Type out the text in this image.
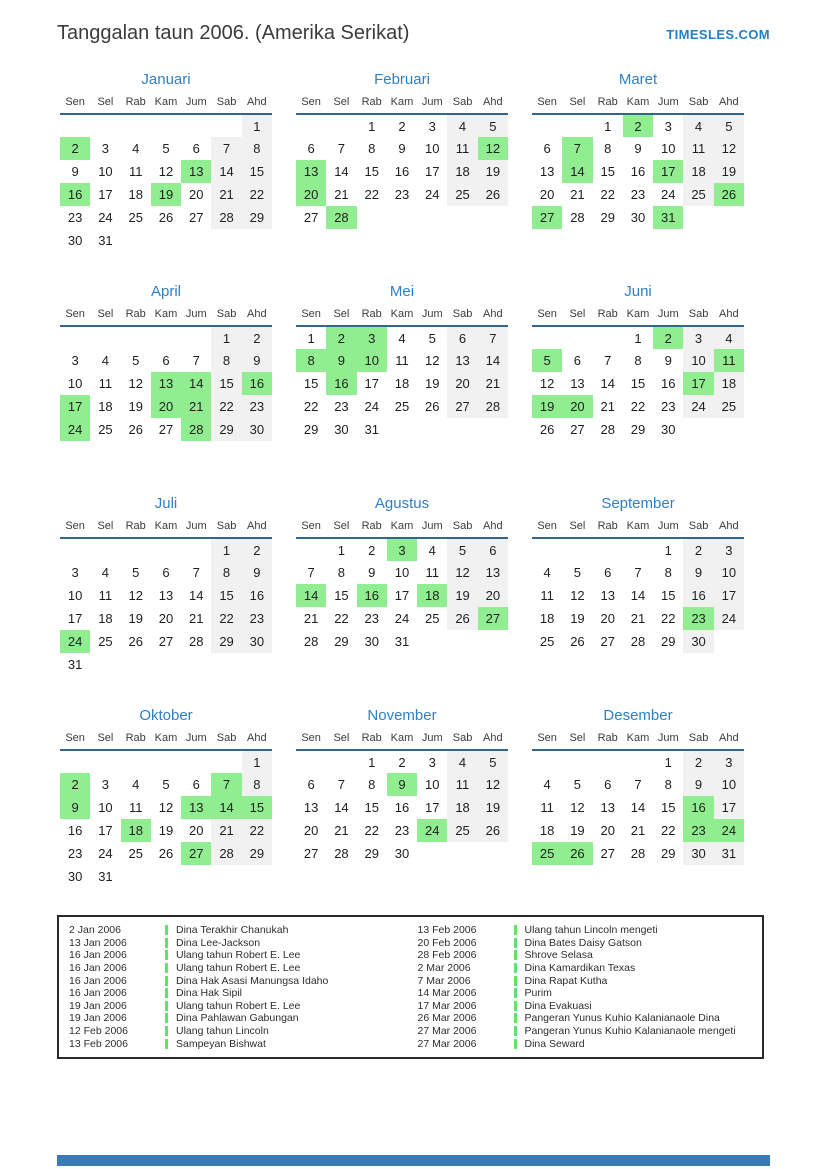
Tanggalan taun 2006. (Amerika Serikat)	TIMESLES.COM
Januari
Sen	Sel	Rab	Kam	Jum	Sab	Ahd
						1
2	3	4	5	6	7	8
9	10	11	12	13	14	15
16	17	18	19	20	21	22
23	24	25	26	27	28	29
30	31					
Februari
Sen	Sel	Rab	Kam	Jum	Sab	Ahd
		1	2	3	4	5
6	7	8	9	10	11	12
13	14	15	16	17	18	19
20	21	22	23	24	25	26
27	28					
Maret
Sen	Sel	Rab	Kam	Jum	Sab	Ahd
		1	2	3	4	5
6	7	8	9	10	11	12
13	14	15	16	17	18	19
20	21	22	23	24	25	26
27	28	29	30	31		
April
Sen	Sel	Rab	Kam	Jum	Sab	Ahd
					1	2
3	4	5	6	7	8	9
10	11	12	13	14	15	16
17	18	19	20	21	22	23
24	25	26	27	28	29	30
Mei
Sen	Sel	Rab	Kam	Jum	Sab	Ahd
1	2	3	4	5	6	7
8	9	10	11	12	13	14
15	16	17	18	19	20	21
22	23	24	25	26	27	28
29	30	31				
Juni
Sen	Sel	Rab	Kam	Jum	Sab	Ahd
			1	2	3	4
5	6	7	8	9	10	11
12	13	14	15	16	17	18
19	20	21	22	23	24	25
26	27	28	29	30		
Juli
Sen	Sel	Rab	Kam	Jum	Sab	Ahd
					1	2
3	4	5	6	7	8	9
10	11	12	13	14	15	16
17	18	19	20	21	22	23
24	25	26	27	28	29	30
31						
Agustus
Sen	Sel	Rab	Kam	Jum	Sab	Ahd
	1	2	3	4	5	6
7	8	9	10	11	12	13
14	15	16	17	18	19	20
21	22	23	24	25	26	27
28	29	30	31			
September
Sen	Sel	Rab	Kam	Jum	Sab	Ahd
				1	2	3
4	5	6	7	8	9	10
11	12	13	14	15	16	17
18	19	20	21	22	23	24
25	26	27	28	29	30	
Oktober
Sen	Sel	Rab	Kam	Jum	Sab	Ahd
						1
2	3	4	5	6	7	8
9	10	11	12	13	14	15
16	17	18	19	20	21	22
23	24	25	26	27	28	29
30	31					
November
Sen	Sel	Rab	Kam	Jum	Sab	Ahd
		1	2	3	4	5
6	7	8	9	10	11	12
13	14	15	16	17	18	19
20	21	22	23	24	25	26
27	28	29	30			
Desember
Sen	Sel	Rab	Kam	Jum	Sab	Ahd
				1	2	3
4	5	6	7	8	9	10
11	12	13	14	15	16	17
18	19	20	21	22	23	24
25	26	27	28	29	30	31
2 Jan 2006	Dina Terakhir Chanukah
13 Jan 2006	Dina Lee-Jackson
16 Jan 2006	Ulang tahun Robert E. Lee
16 Jan 2006	Ulang tahun Robert E. Lee
16 Jan 2006	Dina Hak Asasi Manungsa Idaho
16 Jan 2006	Dina Hak Sipil
19 Jan 2006	Ulang tahun Robert E. Lee
19 Jan 2006	Dina Pahlawan Gabungan
12 Feb 2006	Ulang tahun Lincoln
13 Feb 2006	Sampeyan Bishwat
13 Feb 2006	Ulang tahun Lincoln mengeti
20 Feb 2006	Dina Bates Daisy Gatson
28 Feb 2006	Shrove Selasa
2 Mar 2006	Dina Kamardikan Texas
7 Mar 2006	Dina Rapat Kutha
14 Mar 2006	Purim
17 Mar 2006	Dina Evakuasi
26 Mar 2006	Pangeran Yunus Kuhio Kalanianaole Dina
27 Mar 2006	Pangeran Yunus Kuhio Kalanianaole mengeti
27 Mar 2006	Dina Seward
